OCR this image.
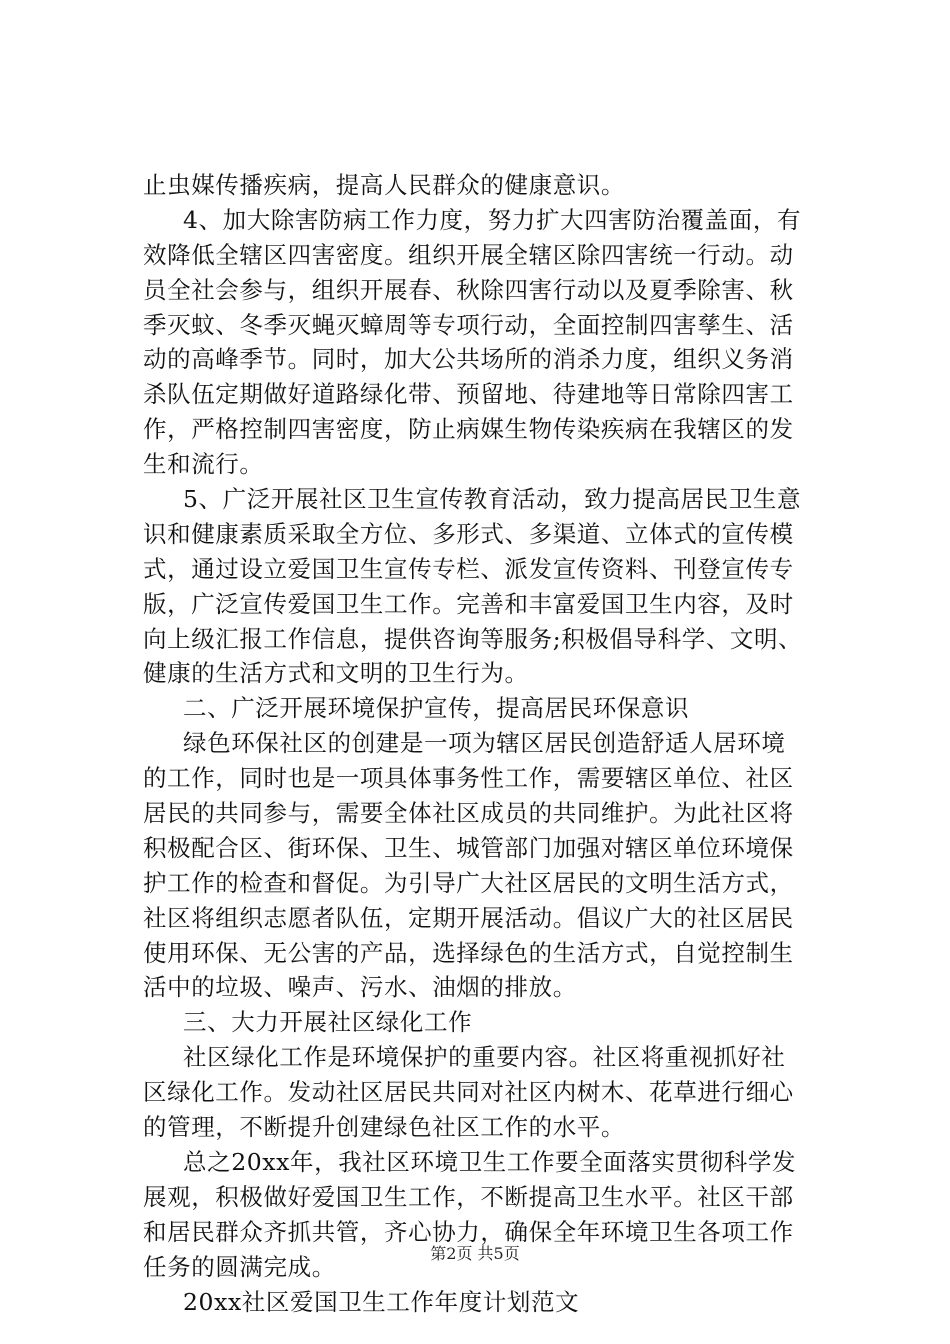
止虫媒传播疾病，提高人民群众的健康意识。
4、加大除害防病工作力度，努力扩大四害防治覆盖面，有
效降低全辖区四害密度。组织开展全辖区除四害统一行动。动
员全社会参与，组织开展春、秋除四害行动以及夏季除害、秋
季灭蚊、冬季灭蝇灭蟑周等专项行动，全面控制四害孳生、活
动的高峰季节。同时，加大公共场所的消杀力度，组织义务消
杀队伍定期做好道路绿化带、预留地、待建地等日常除四害工
作，严格控制四害密度，防止病媒生物传染疾病在我辖区的发
生和流行。
5、广泛开展社区卫生宣传教育活动，致力提高居民卫生意
识和健康素质采取全方位、多形式、多渠道、立体式的宣传模
式，通过设立爱国卫生宣传专栏、派发宣传资料、刊登宣传专
版，广泛宣传爱国卫生工作。完善和丰富爱国卫生内容，及时
向上级汇报工作信息，提供咨询等服务;积极倡导科学、文明、
健康的生活方式和文明的卫生行为。
二、广泛开展环境保护宣传，提高居民环保意识
绿色环保社区的创建是一项为辖区居民创造舒适人居环境
的工作，同时也是一项具体事务性工作，需要辖区单位、社区
居民的共同参与，需要全体社区成员的共同维护。为此社区将
积极配合区、街环保、卫生、城管部门加强对辖区单位环境保
护工作的检查和督促。为引导广大社区居民的文明生活方式，
社区将组织志愿者队伍，定期开展活动。倡议广大的社区居民
使用环保、无公害的产品，选择绿色的生活方式，自觉控制生
活中的垃圾、噪声、污水、油烟的排放。
三、大力开展社区绿化工作
社区绿化工作是环境保护的重要内容。社区将重视抓好社
区绿化工作。发动社区居民共同对社区内树木、花草进行细心
的管理，不断提升创建绿色社区工作的水平。
总之20xx年，我社区环境卫生工作要全面落实贯彻科学发
展观，积极做好爱国卫生工作，不断提高卫生水平。社区干部
和居民群众齐抓共管，齐心协力，确保全年环境卫生各项工作
任务的圆满完成。
20xx社区爱国卫生工作年度计划范文
第2页 共5页
